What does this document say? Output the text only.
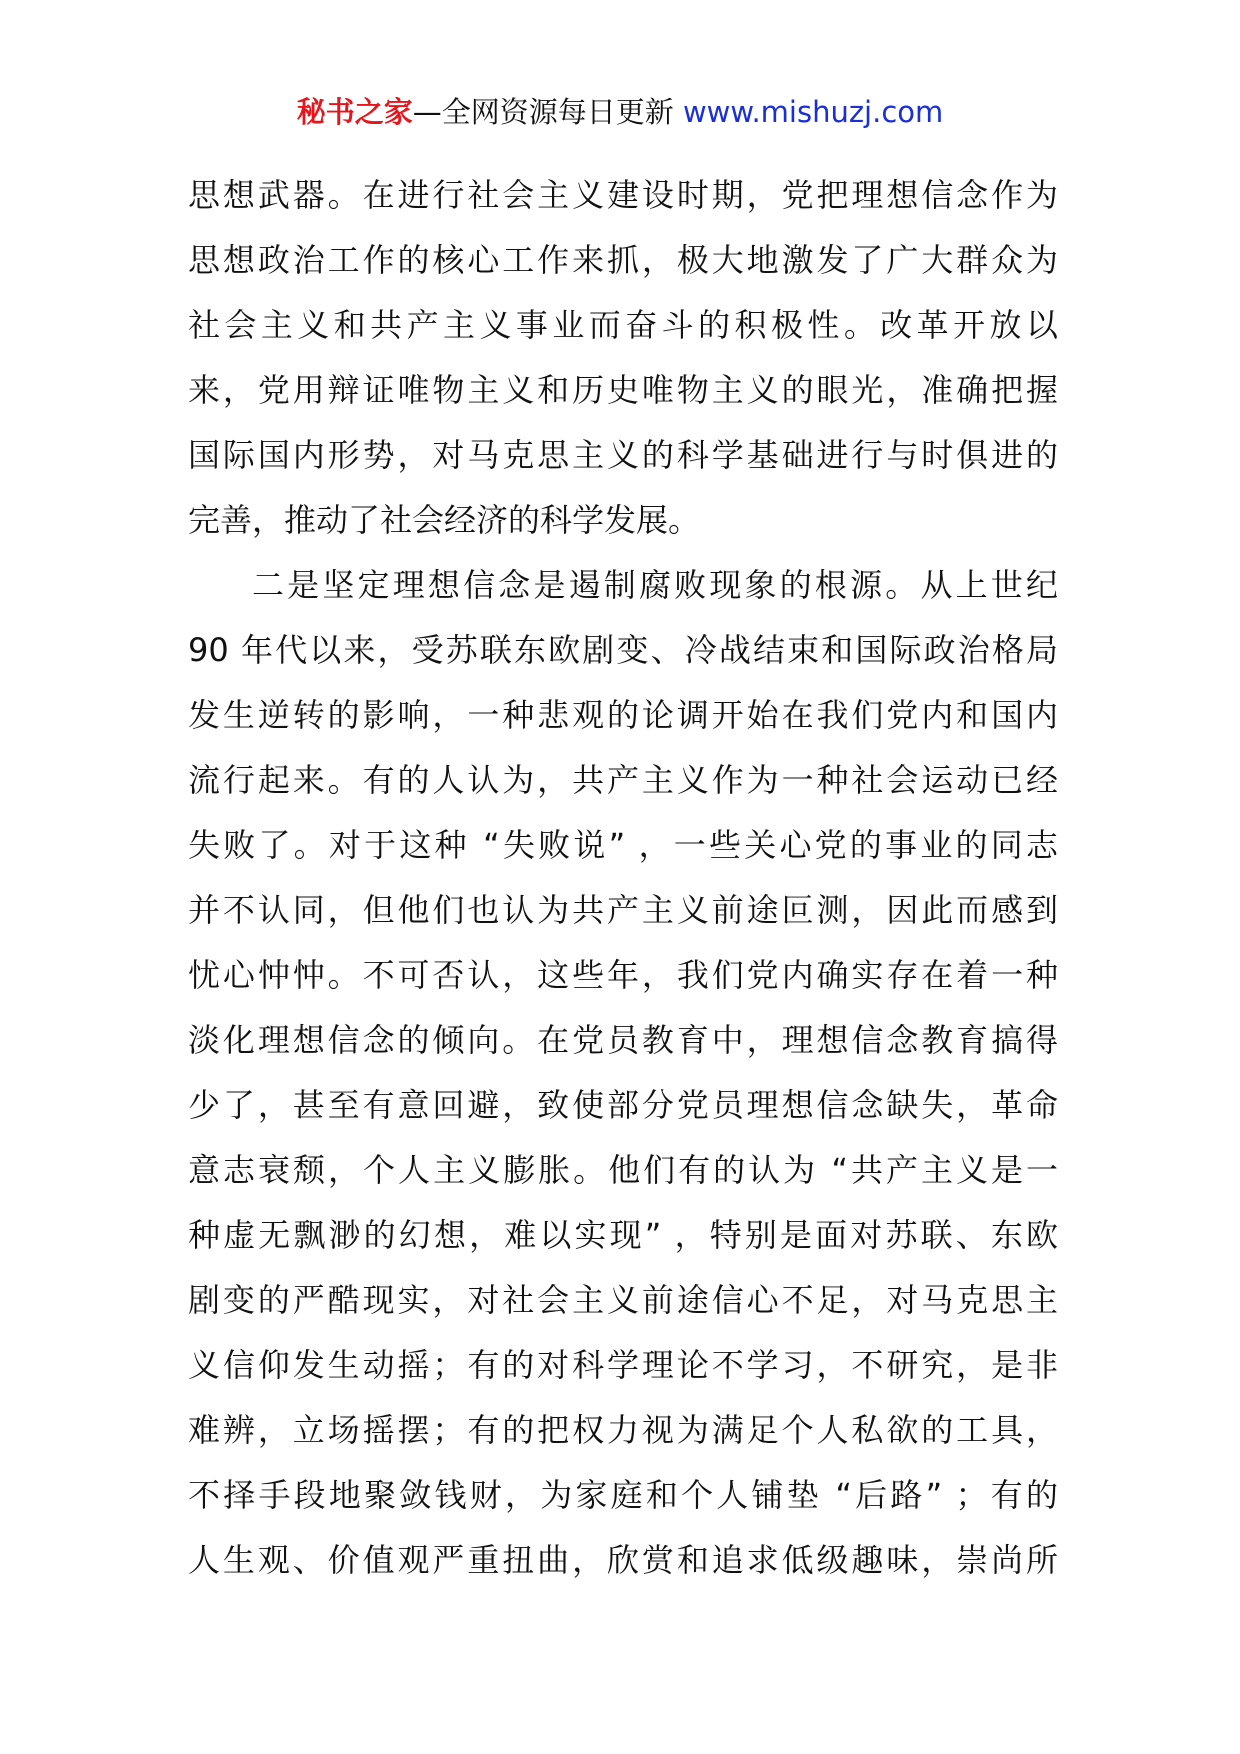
秘书之家—全网资源每日更新 www.mishuzj.com
思想武器。在进行社会主义建设时期，党把理想信念作为
思想政治工作的核心工作来抓，极大地激发了广大群众为
社会主义和共产主义事业而奋斗的积极性。改革开放以
来，党用辩证唯物主义和历史唯物主义的眼光，准确把握
国际国内形势，对马克思主义的科学基础进行与时俱进的
完善，推动了社会经济的科学发展。
二是坚定理想信念是遏制腐败现象的根源。从上世纪
90 年代以来，受苏联东欧剧变、冷战结束和国际政治格局
发生逆转的影响，一种悲观的论调开始在我们党内和国内
流行起来。有的人认为，共产主义作为一种社会运动已经
失败了。对于这种 “失败说” ，一些关心党的事业的同志
并不认同，但他们也认为共产主义前途叵测，因此而感到
忧心忡忡。不可否认，这些年，我们党内确实存在着一种
淡化理想信念的倾向。在党员教育中，理想信念教育搞得
少了，甚至有意回避，致使部分党员理想信念缺失，革命
意志衰颓，个人主义膨胀。他们有的认为 “共产主义是一
种虚无飘渺的幻想，难以实现” ，特别是面对苏联、东欧
剧变的严酷现实，对社会主义前途信心不足，对马克思主
义信仰发生动摇；有的对科学理论不学习，不研究，是非
难辨，立场摇摆；有的把权力视为满足个人私欲的工具，
不择手段地聚敛钱财，为家庭和个人铺垫 “后路” ；有的
人生观、价值观严重扭曲，欣赏和追求低级趣味，崇尚所
